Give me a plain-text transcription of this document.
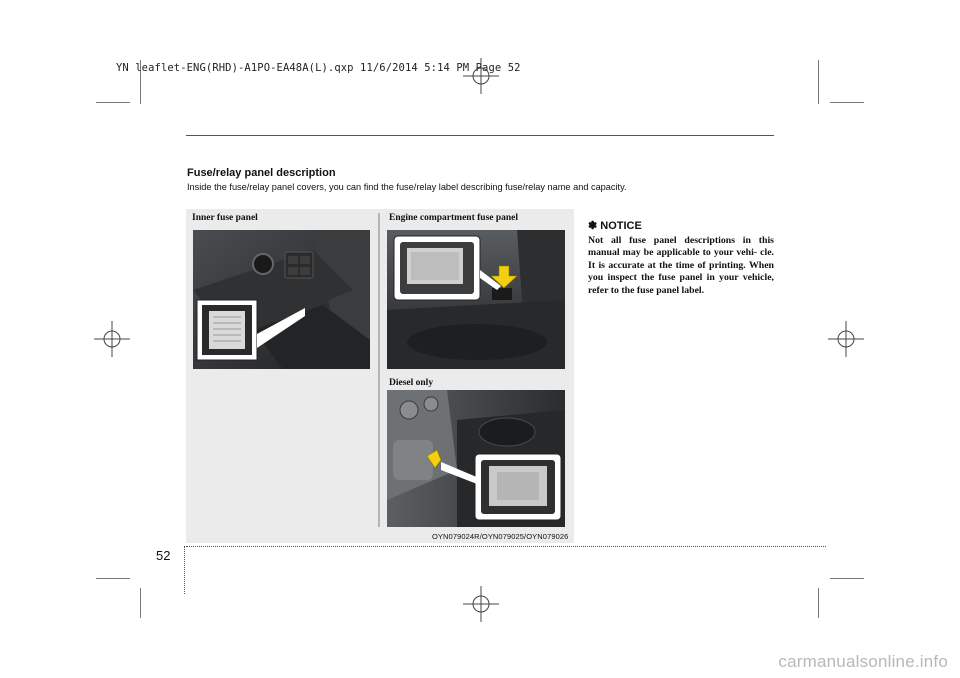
YN leaflet-ENG(RHD)-A1PO-EA48A(L).qxp 11/6/2014 5:14 PM Page 52
Fuse/relay panel description
Inside the fuse/relay panel covers, you can find the fuse/relay label describing fuse/relay name and capacity.
Inner fuse panel	Engine compartment fuse panel
Diesel only
OYN079024R/OYN079025/OYN079026
✽ NOTICE
Not all fuse panel descriptions in this manual may be applicable to your vehi- cle. It is accurate at the time of printing. When you inspect the fuse panel in your vehicle, refer to the fuse panel label.
52
carmanualsonline.info
